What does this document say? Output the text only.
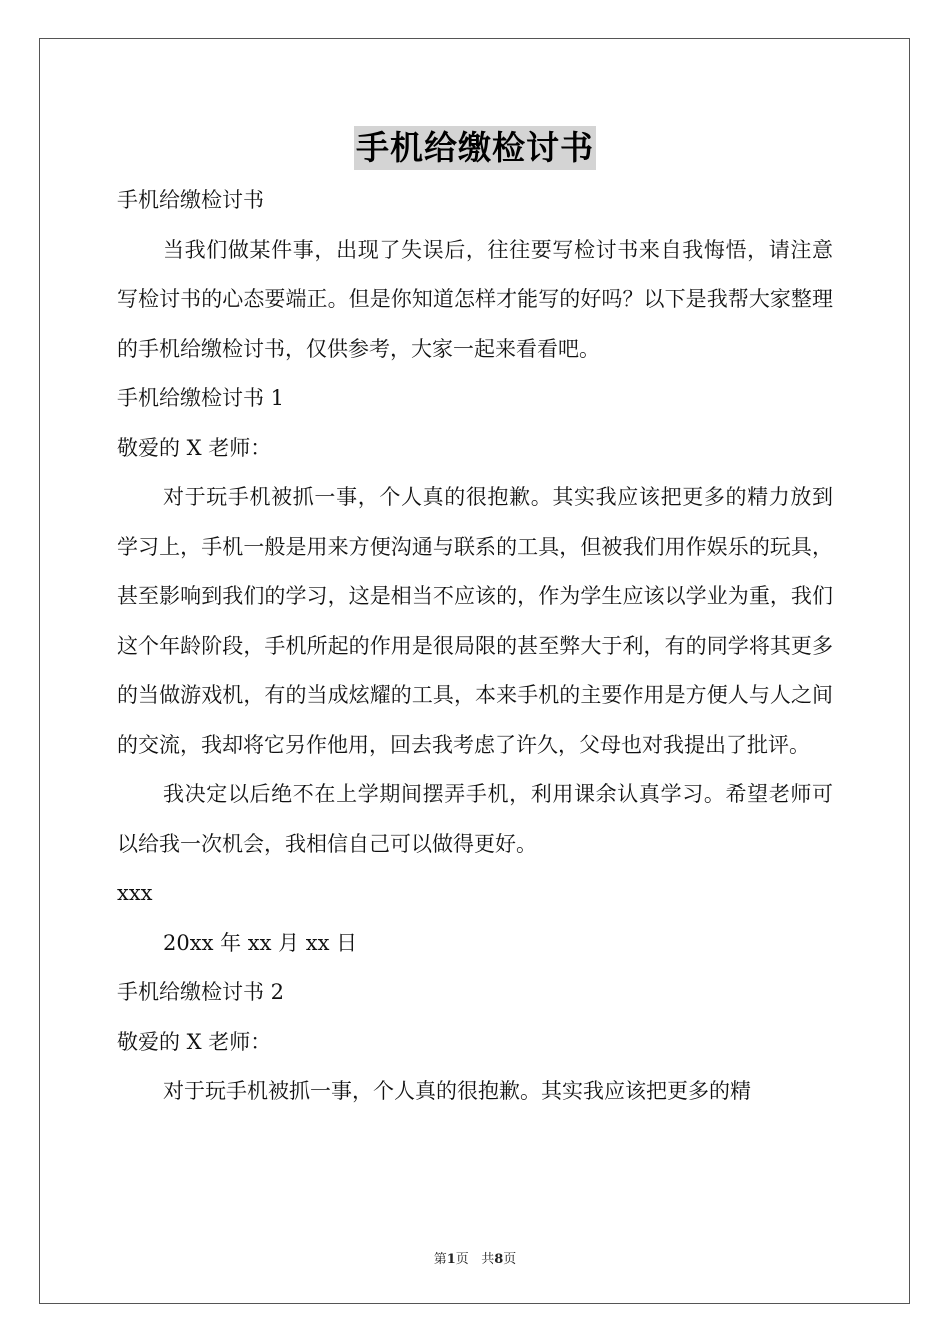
手机给缴检讨书

手机给缴检讨书

当我们做某件事，出现了失误后，往往要写检讨书来自我悔悟，请注意写检讨书的心态要端正。但是你知道怎样才能写的好吗？以下是我帮大家整理的手机给缴检讨书，仅供参考，大家一起来看看吧。

手机给缴检讨书 1

敬爱的 X 老师：

对于玩手机被抓一事，个人真的很抱歉。其实我应该把更多的精力放到学习上，手机一般是用来方便沟通与联系的工具，但被我们用作娱乐的玩具，甚至影响到我们的学习，这是相当不应该的，作为学生应该以学业为重，我们这个年龄阶段，手机所起的作用是很局限的甚至弊大于利，有的同学将其更多的当做游戏机，有的当成炫耀的工具，本来手机的主要作用是方便人与人之间的交流，我却将它另作他用，回去我考虑了许久，父母也对我提出了批评。

我决定以后绝不在上学期间摆弄手机，利用课余认真学习。希望老师可以给我一次机会，我相信自己可以做得更好。

xxx

20xx 年 xx 月 xx 日

手机给缴检讨书 2

敬爱的 X 老师：

对于玩手机被抓一事，个人真的很抱歉。其实我应该把更多的精

第1页 共8页
